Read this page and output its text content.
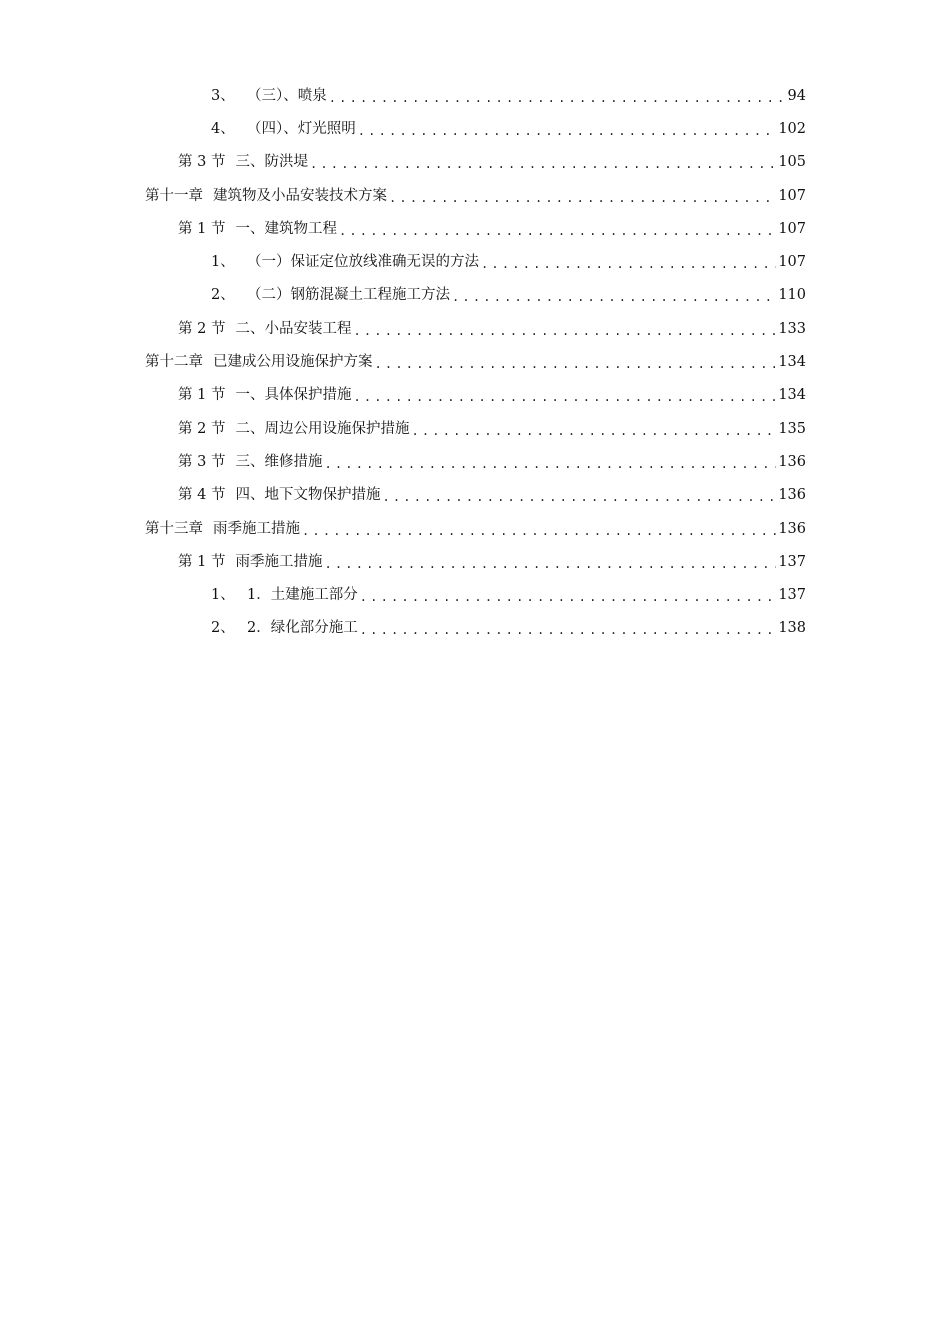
3、 （三）、喷泉 .....	94
4、 （四）、灯光照明 .....	102
第 3 节 三、防洪堤 .....	105
第十一章 建筑物及小品安装技术方案 .....	107
第 1 节 一、建筑物工程 .....	107
1、 （一）保证定位放线准确无误的方法 .....	107
2、 （二）钢筋混凝土工程施工方法 .....	110
第 2 节 二、小品安装工程 .....	133
第十二章 已建成公用设施保护方案 .....	134
第 1 节 一、具体保护措施 .....	134
第 2 节 二、周边公用设施保护措施 .....	135
第 3 节 三、维修措施 .....	136
第 4 节 四、地下文物保护措施 .....	136
第十三章 雨季施工措施 .....	136
第 1 节 雨季施工措施 .....	137
1、 1．土建施工部分 .....	137
2、 2．绿化部分施工 .....	138
